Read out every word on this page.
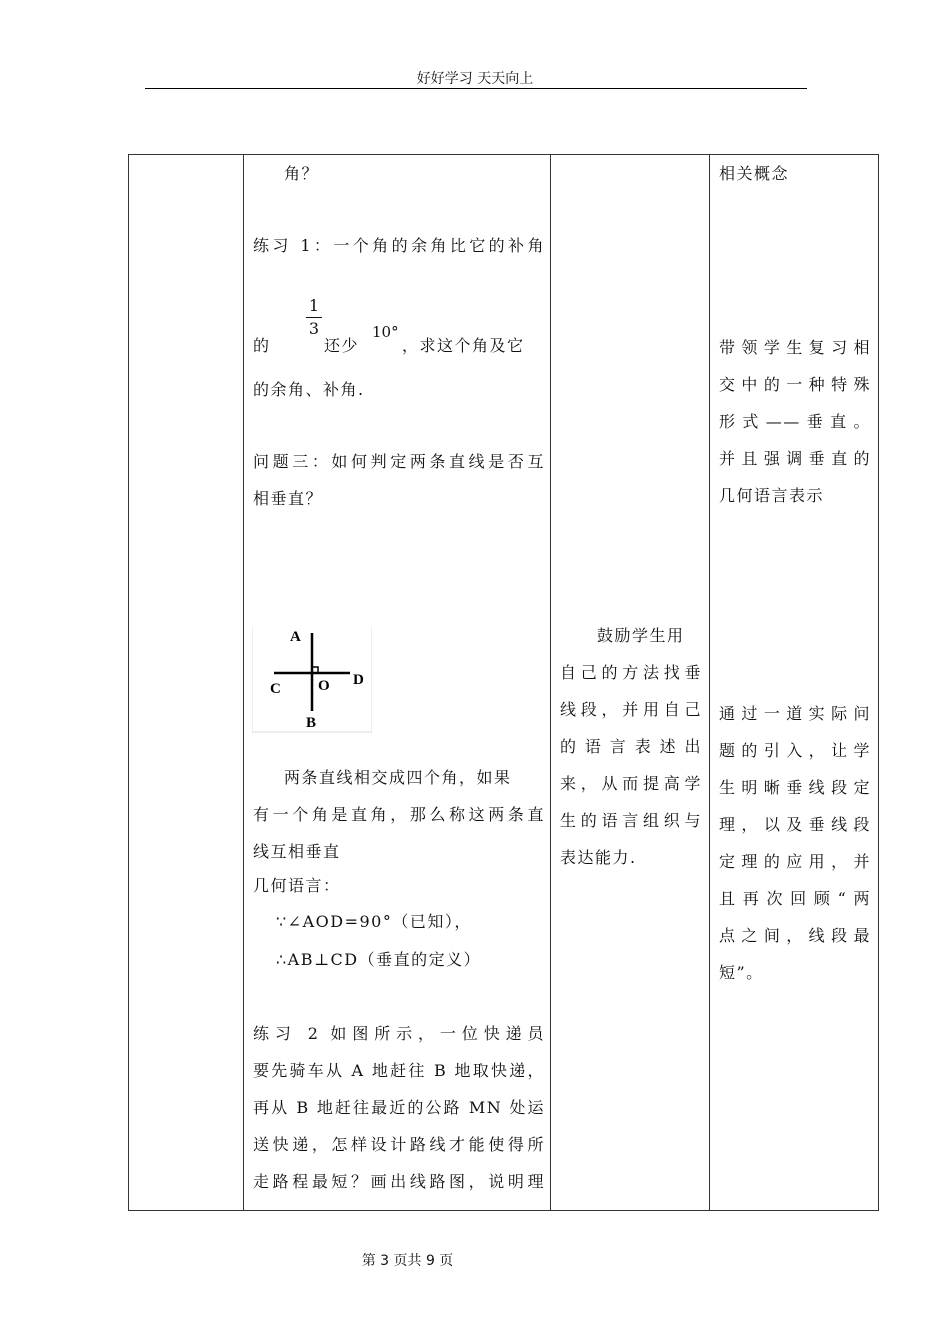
好好学习 天天向上

角？
练习 1：一个角的余角比它的补角
的
1
3
还少
10°
，求这个角及它
的余角、补角.
问题三：如何判定两条直线是否互
相垂直？
A
C O D
B
两条直线相交成四个角，如果
有一个角是直角，那么称这两条直
线互相垂直
几何语言：
∵∠AOD=90°（已知），
∴AB⊥CD（垂直的定义）
练习 2 如图所示，一位快递员
要先骑车从 A 地赶往 B 地取快递，
再从 B 地赶往最近的公路 MN 处运
送快递，怎样设计路线才能使得所
走路程最短？画出线路图，说明理

鼓励学生用
自己的方法找垂
线段，并用自己
的语言表述出
来，从而提高学
生的语言组织与
表达能力.

相关概念
带领学生复习相
交中的一种特殊
形式——垂直。
并且强调垂直的
几何语言表示
通过一道实际问
题的引入，让学
生明晰垂线段定
理，以及垂线段
定理的应用，并
且再次回顾“两
点之间，线段最
短”。
第 3 页共 9 页
